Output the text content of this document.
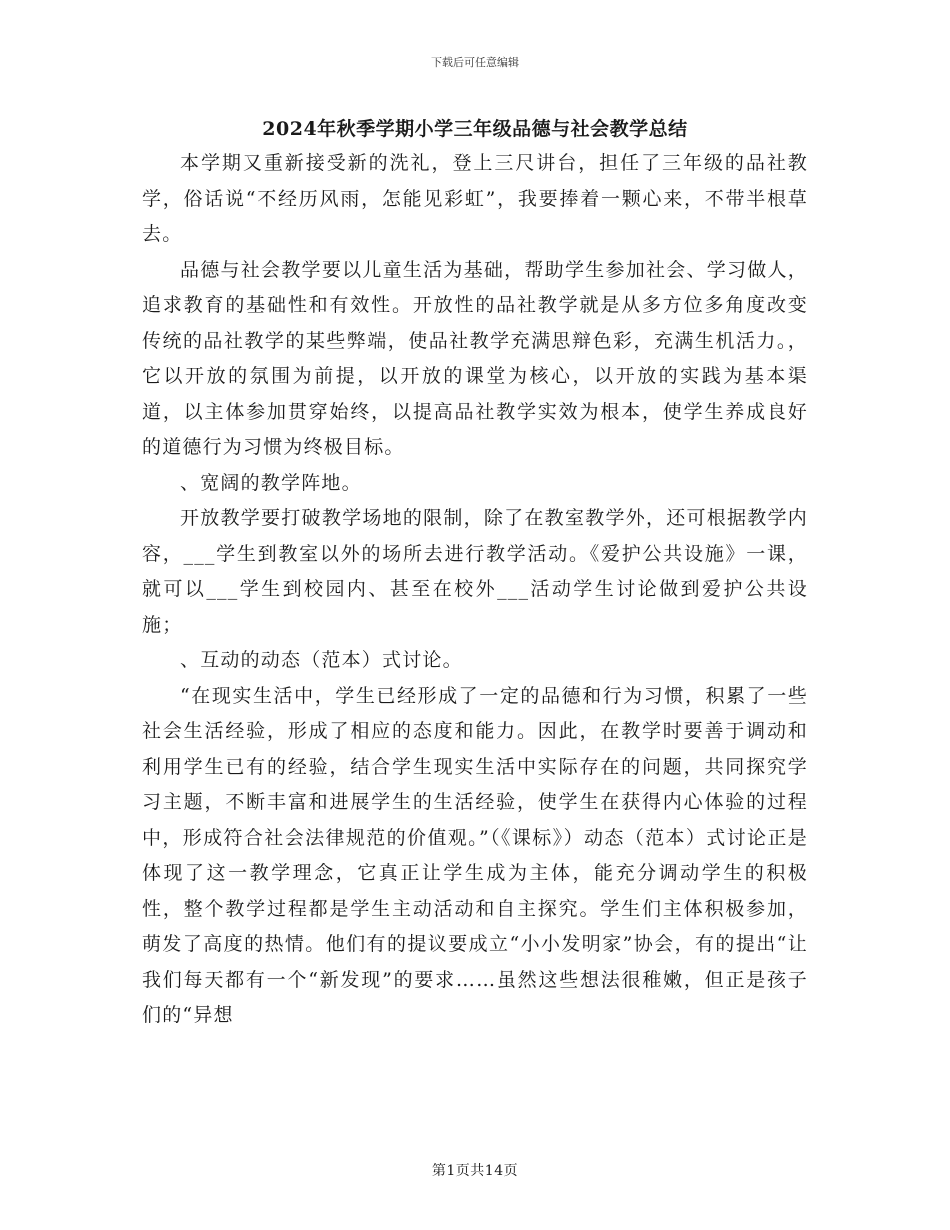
下载后可任意编辑
2024年秋季学期小学三年级品德与社会教学总结

本学期又重新接受新的洗礼，登上三尺讲台，担任了三年级的品社教学，俗话说“不经历风雨，怎能见彩虹”，我要捧着一颗心来，不带半根草去。

品德与社会教学要以儿童生活为基础，帮助学生参加社会、学习做人，追求教育的基础性和有效性。开放性的品社教学就是从多方位多角度改变传统的品社教学的某些弊端，使品社教学充满思辩色彩，充满生机活力。，它以开放的氛围为前提，以开放的课堂为核心，以开放的实践为基本渠道，以主体参加贯穿始终，以提高品社教学实效为根本，使学生养成良好的道德行为习惯为终极目标。

、宽阔的教学阵地。

开放教学要打破教学场地的限制，除了在教室教学外，还可根据教学内容，___学生到教室以外的场所去进行教学活动。《爱护公共设施》一课，就可以___学生到校园内、甚至在校外___活动学生讨论做到爱护公共设施；

、互动的动态（范本）式讨论。

“在现实生活中，学生已经形成了一定的品德和行为习惯，积累了一些社会生活经验，形成了相应的态度和能力。因此，在教学时要善于调动和利用学生已有的经验，结合学生现实生活中实际存在的问题，共同探究学习主题，不断丰富和进展学生的生活经验，使学生在获得内心体验的过程中，形成符合社会法律规范的价值观。”（《课标》）动态（范本）式讨论正是体现了这一教学理念，它真正让学生成为主体，能充分调动学生的积极性，整个教学过程都是学生主动活动和自主探究。学生们主体积极参加，萌发了高度的热情。他们有的提议要成立“小小发明家”协会，有的提出“让我们每天都有一个“新发现”的要求……虽然这些想法很稚嫩，但正是孩子们的“异想

第1页共14页
